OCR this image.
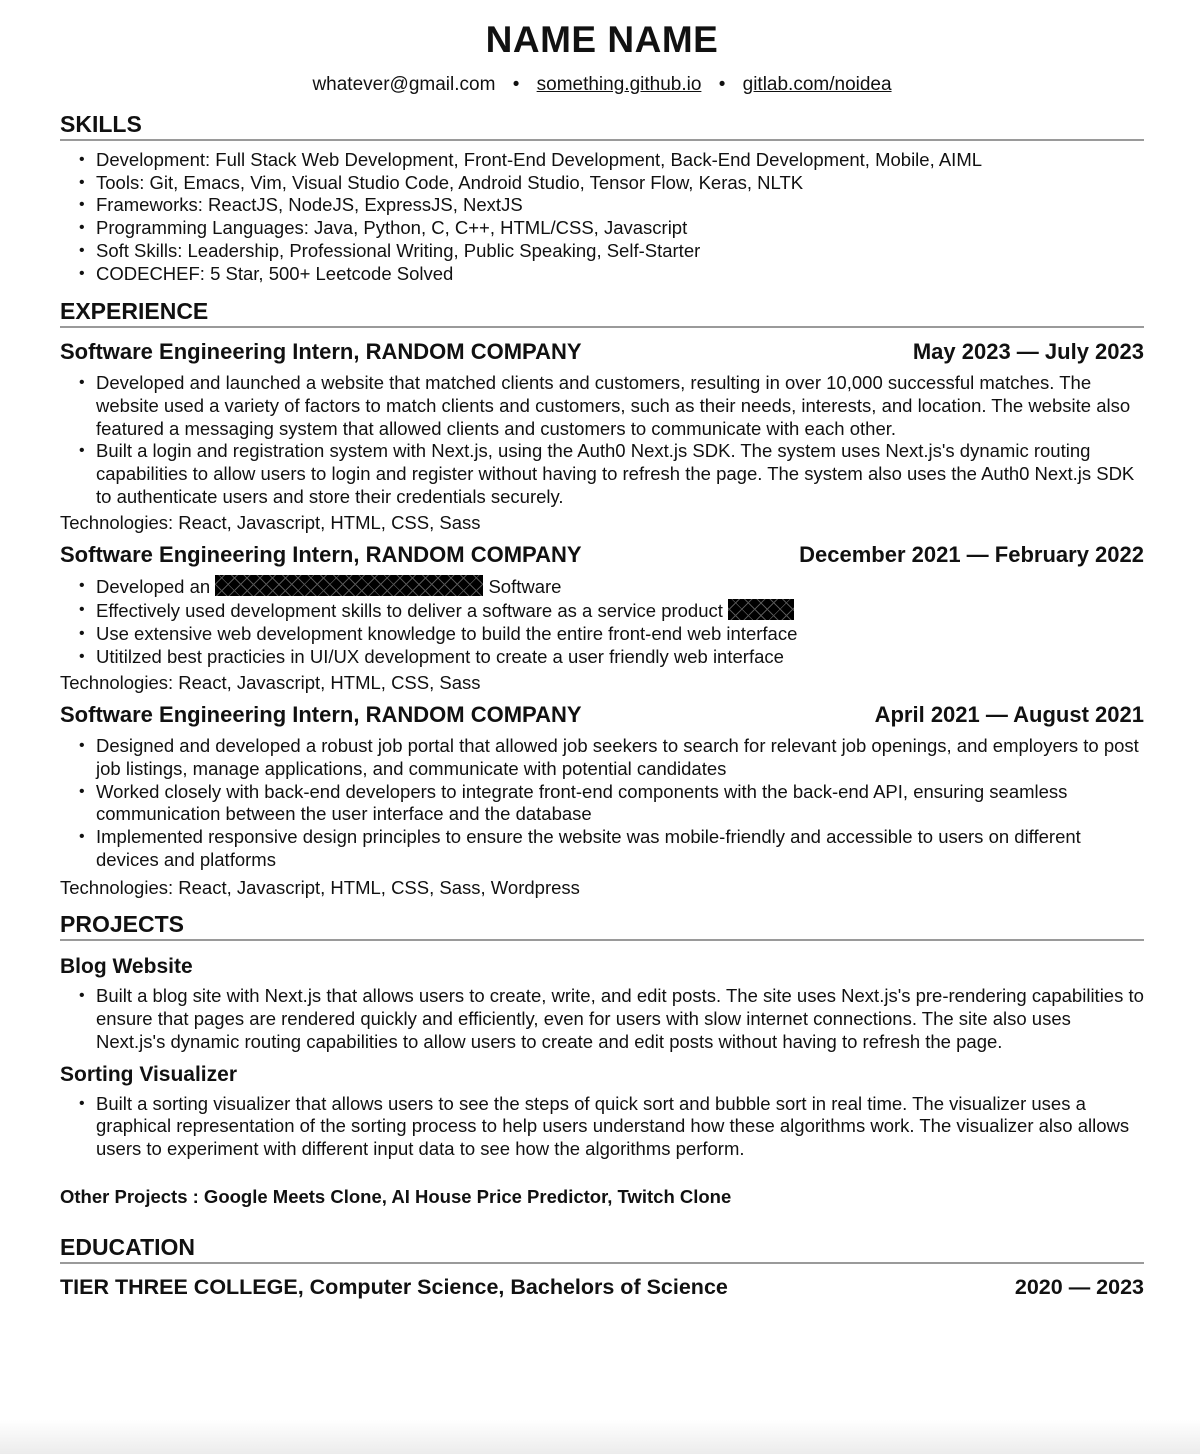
NAME NAME
whatever@gmail.com • something.github.io • gitlab.com/noidea
SKILLS
• Development: Full Stack Web Development, Front-End Development, Back-End Development, Mobile, AIML
• Tools: Git, Emacs, Vim, Visual Studio Code, Android Studio, Tensor Flow, Keras, NLTK
• Frameworks: ReactJS, NodeJS, ExpressJS, NextJS
• Programming Languages: Java, Python, C, C++, HTML/CSS, Javascript
• Soft Skills: Leadership, Professional Writing, Public Speaking, Self-Starter
• CODECHEF: 5 Star, 500+ Leetcode Solved
EXPERIENCE
Software Engineering Intern, RANDOM COMPANY	May 2023 — July 2023
• Developed and launched a website that matched clients and customers, resulting in over 10,000 successful matches. The website used a variety of factors to match clients and customers, such as their needs, interests, and location. The website also featured a messaging system that allowed clients and customers to communicate with each other.
• Built a login and registration system with Next.js, using the Auth0 Next.js SDK. The system uses Next.js's dynamic routing capabilities to allow users to login and register without having to refresh the page. The system also uses the Auth0 Next.js SDK to authenticate users and store their credentials securely.
Technologies: React, Javascript, HTML, CSS, Sass
Software Engineering Intern, RANDOM COMPANY	December 2021 — February 2022
• Developed an	Software
• Effectively used development skills to deliver a software as a service product
• Use extensive web development knowledge to build the entire front-end web interface
• Utitilzed best practicies in UI/UX development to create a user friendly web interface
Technologies: React, Javascript, HTML, CSS, Sass
Software Engineering Intern, RANDOM COMPANY	April 2021 — August 2021
• Designed and developed a robust job portal that allowed job seekers to search for relevant job openings, and employers to post job listings, manage applications, and communicate with potential candidates
• Worked closely with back-end developers to integrate front-end components with the back-end API, ensuring seamless communication between the user interface and the database
• Implemented responsive design principles to ensure the website was mobile-friendly and accessible to users on different devices and platforms
Technologies: React, Javascript, HTML, CSS, Sass, Wordpress
PROJECTS
Blog Website
• Built a blog site with Next.js that allows users to create, write, and edit posts. The site uses Next.js's pre-rendering capabilities to ensure that pages are rendered quickly and efficiently, even for users with slow internet connections. The site also uses Next.js's dynamic routing capabilities to allow users to create and edit posts without having to refresh the page.
Sorting Visualizer
• Built a sorting visualizer that allows users to see the steps of quick sort and bubble sort in real time. The visualizer uses a graphical representation of the sorting process to help users understand how these algorithms work. The visualizer also allows users to experiment with different input data to see how the algorithms perform.
Other Projects : Google Meets Clone, AI House Price Predictor, Twitch Clone
EDUCATION
TIER THREE COLLEGE, Computer Science, Bachelors of Science	2020 — 2023
